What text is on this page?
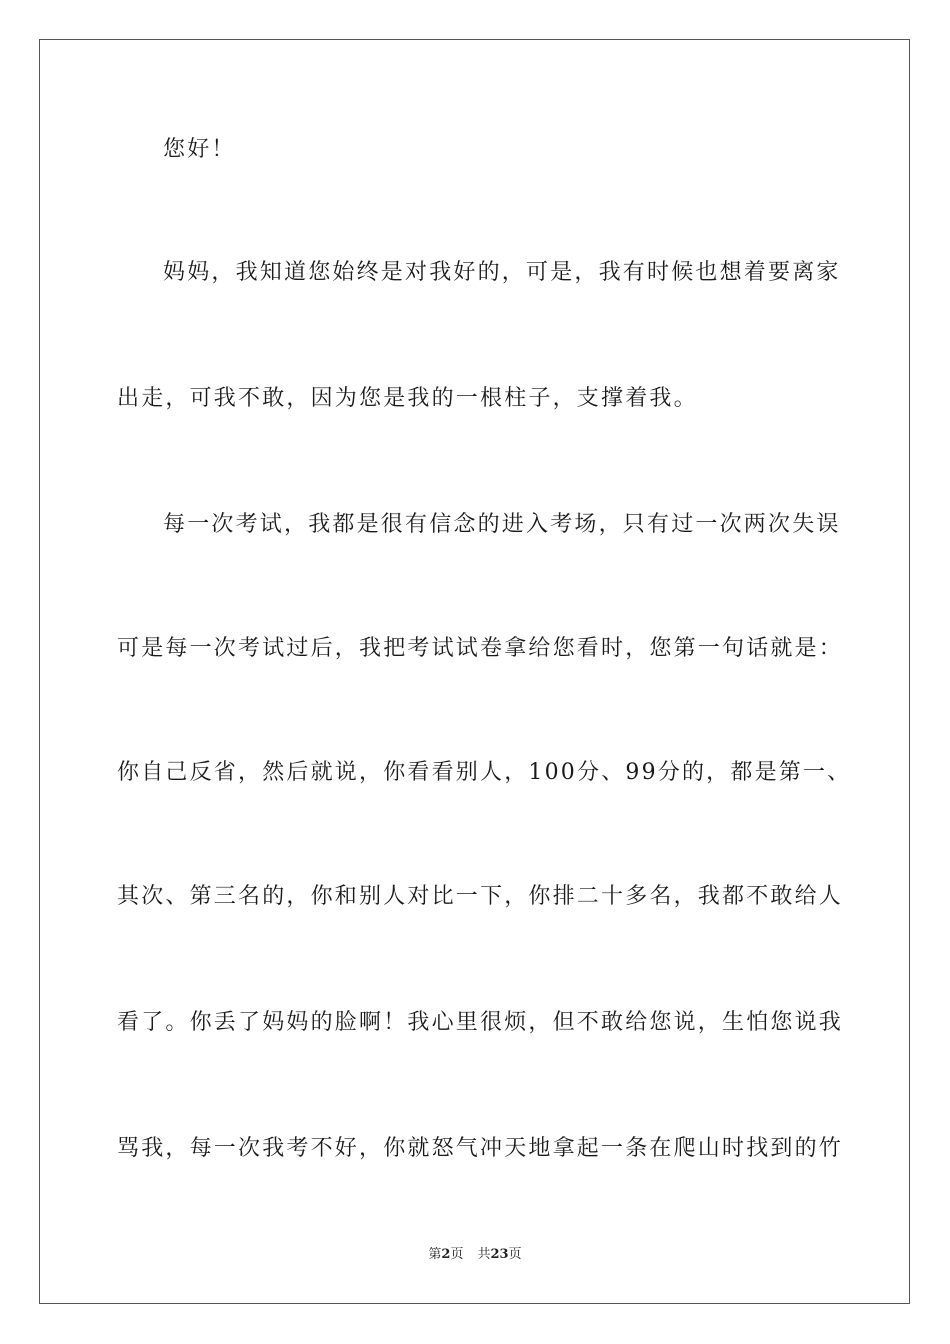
您好！
妈妈，我知道您始终是对我好的，可是，我有时候也想着要离家
出走，可我不敢，因为您是我的一根柱子，支撑着我。
每一次考试，我都是很有信念的进入考场，只有过一次两次失误
可是每一次考试过后，我把考试试卷拿给您看时，您第一句话就是：
你自己反省，然后就说，你看看别人，100分、99分的，都是第一、
其次、第三名的，你和别人对比一下，你排二十多名，我都不敢给人
看了。你丢了妈妈的脸啊！我心里很烦，但不敢给您说，生怕您说我
骂我，每一次我考不好，你就怒气冲天地拿起一条在爬山时找到的竹
第2页 共23页
